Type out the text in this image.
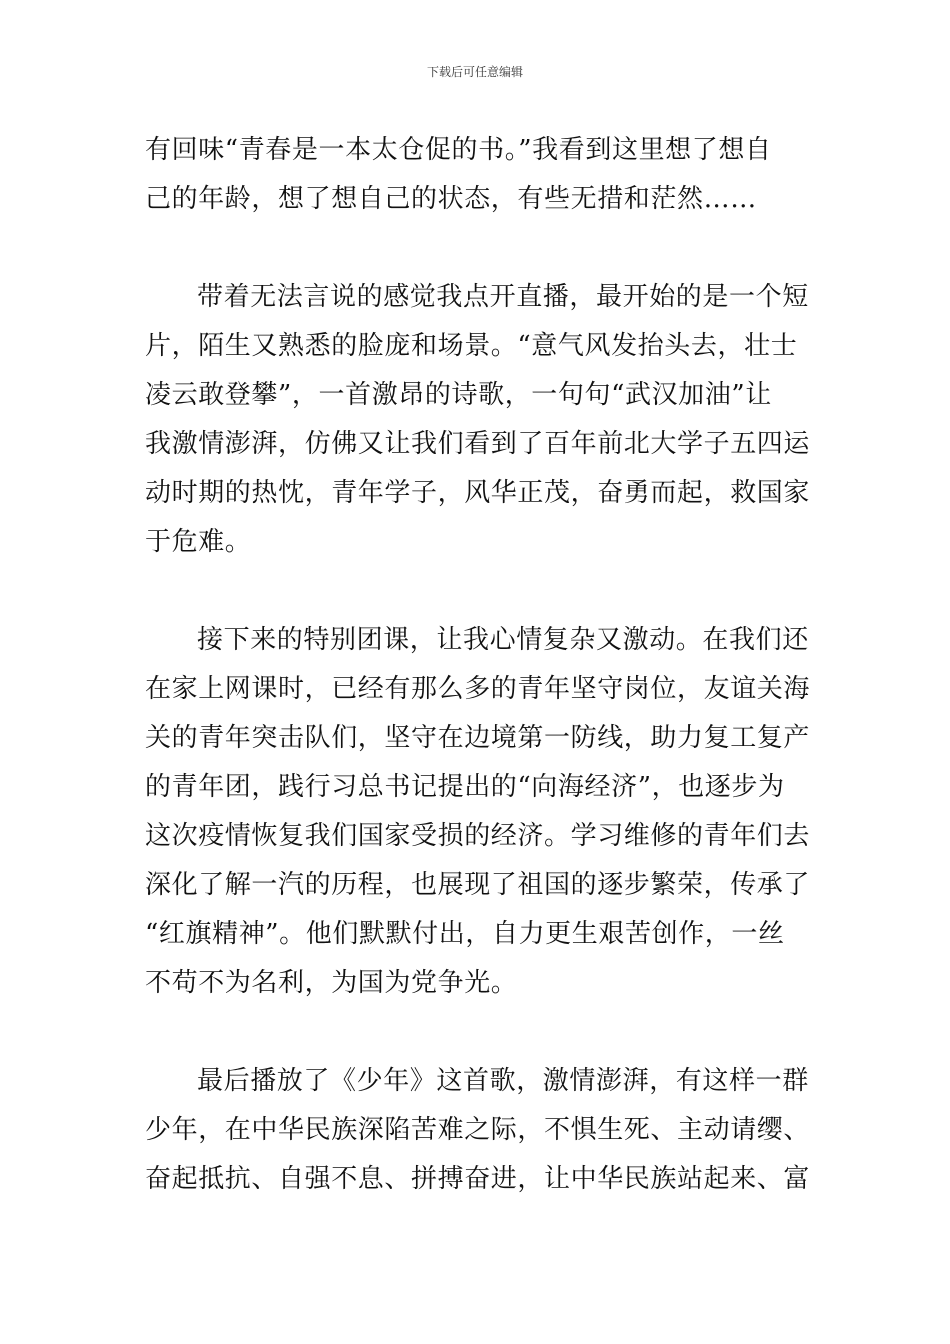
下载后可任意编辑

有回味“青春是一本太仓促的书。”我看到这里想了想自
己的年龄，想了想自己的状态，有些无措和茫然……
带着无法言说的感觉我点开直播，最开始的是一个短
片，陌生又熟悉的脸庞和场景。“意气风发抬头去，壮士
凌云敢登攀”，一首激昂的诗歌，一句句“武汉加油”让
我激情澎湃，仿佛又让我们看到了百年前北大学子五四运
动时期的热忱，青年学子，风华正茂，奋勇而起，救国家
于危难。
接下来的特别团课，让我心情复杂又激动。在我们还
在家上网课时，已经有那么多的青年坚守岗位，友谊关海
关的青年突击队们，坚守在边境第一防线，助力复工复产
的青年团，践行习总书记提出的“向海经济”，也逐步为
这次疫情恢复我们国家受损的经济。学习维修的青年们去
深化了解一汽的历程，也展现了祖国的逐步繁荣，传承了
“红旗精神”。他们默默付出，自力更生艰苦创作，一丝
不苟不为名利，为国为党争光。
最后播放了《少年》这首歌，激情澎湃，有这样一群
少年，在中华民族深陷苦难之际，不惧生死、主动请缨、
奋起抵抗、自强不息、拼搏奋进，让中华民族站起来、富
